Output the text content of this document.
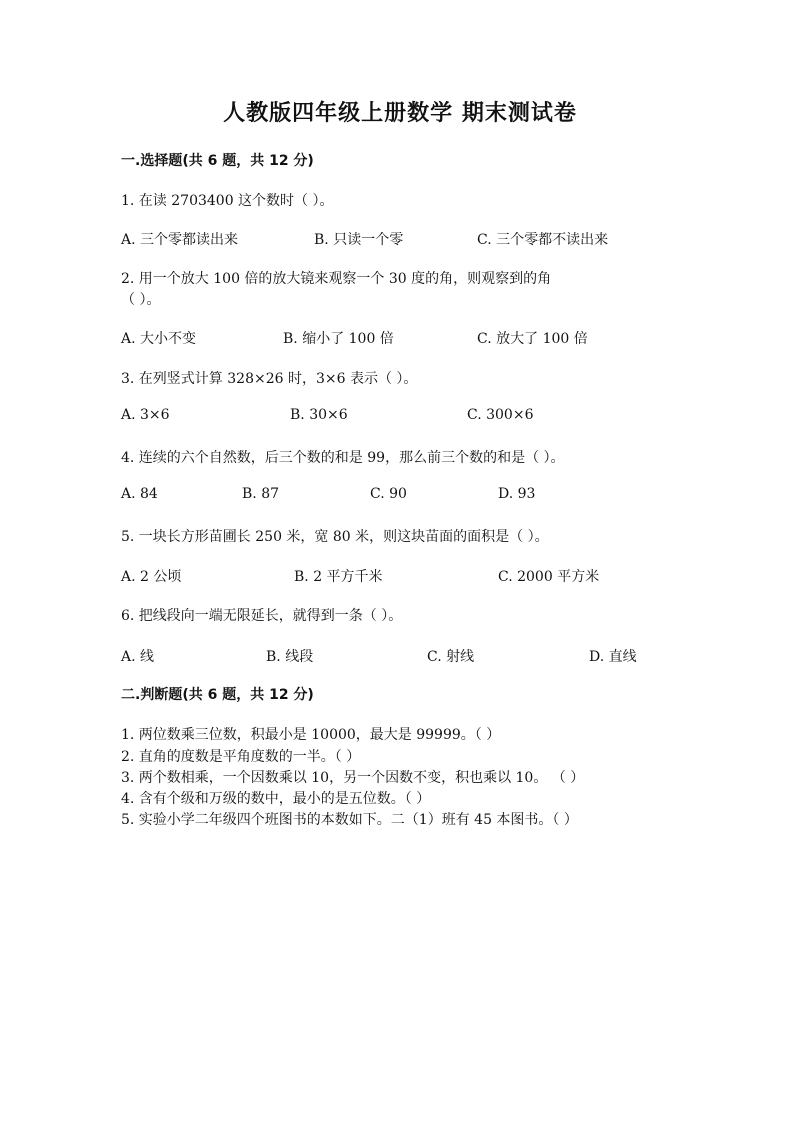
人教版四年级上册数学 期末测试卷
一.选择题(共 6 题，共 12 分)
1. 在读 2703400 这个数时（ ）。
A. 三个零都读出来	B. 只读一个零	C. 三个零都不读出来
2. 用一个放大 100 倍的放大镜来观察一个 30 度的角，则观察到的角
（ ）。
A. 大小不变	B. 缩小了 100 倍	C. 放大了 100 倍
3. 在列竖式计算 328×26 时，3×6 表示（ ）。
A. 3×6	B. 30×6	C. 300×6
4. 连续的六个自然数，后三个数的和是 99，那么前三个数的和是（ ）。
A. 84	B. 87	C. 90	D. 93
5. 一块长方形苗圃长 250 米，宽 80 米，则这块苗面的面积是（ ）。
A. 2 公顷	B. 2 平方千米	C. 2000 平方米
6. 把线段向一端无限延长，就得到一条（ ）。
A. 线	B. 线段	C. 射线	D. 直线
二.判断题(共 6 题，共 12 分)
1. 两位数乘三位数，积最小是 10000，最大是 99999。（ ）
2. 直角的度数是平角度数的一半。（ ）
3. 两个数相乘，一个因数乘以 10，另一个因数不变，积也乘以 10。 （ ）
4. 含有个级和万级的数中，最小的是五位数。（ ）
5. 实验小学二年级四个班图书的本数如下。二（1）班有 45 本图书。（ ）
